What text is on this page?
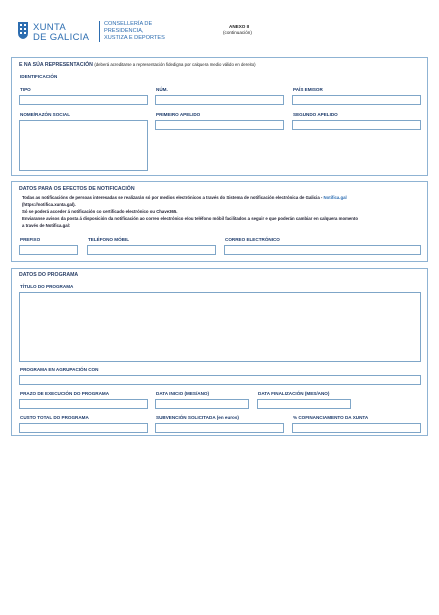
XUNTA
DE GALICIA
CONSELLERÍA DE
PRESIDENCIA,
XUSTIZA E DEPORTES
ANEXO II
(continuación)
E NA SÚA REPRESENTACIÓN (deberá acreditarse a representación fidedigna por calquera medio válido en dereito)
IDENTIFICACIÓN
TIPO	NÚM.	PAÍS EMISOR
NOME/RAZÓN SOCIAL	PRIMEIRO APELIDO	SEGUNDO APELIDO
DATOS PARA OS EFECTOS DE NOTIFICACIÓN
Todas as notificacións de persoas interesadas se realizarán só por medios electrónicos a través do Sistema de notificación electrónica de Galicia - Notifica.gal
(https://notifica.xunta.gal).
Só se poderá acceder á notificación co certificado electrónico ou Chave365.
Enviaranse avisos da posta á disposición da notificación ao correo electrónico e/ou teléfono móbil facilitados a seguir e que poderán cambiar en calquera momento
a través de Notifica.gal:
PREFIXO	TELÉFONO MÓBIL	CORREO ELECTRÓNICO
DATOS DO PROGRAMA
TÍTULO DO PROGRAMA
PROGRAMA EN AGRUPACIÓN CON
PRAZO DE EXECUCIÓN DO PROGRAMA	DATA INICIO (MES/ANO)	DATA FINALIZACIÓN (MES/ANO)
CUSTO TOTAL DO PROGRAMA	SUBVENCIÓN SOLICITADA (en euros)	% COFINANCIAMENTO DA XUNTA
